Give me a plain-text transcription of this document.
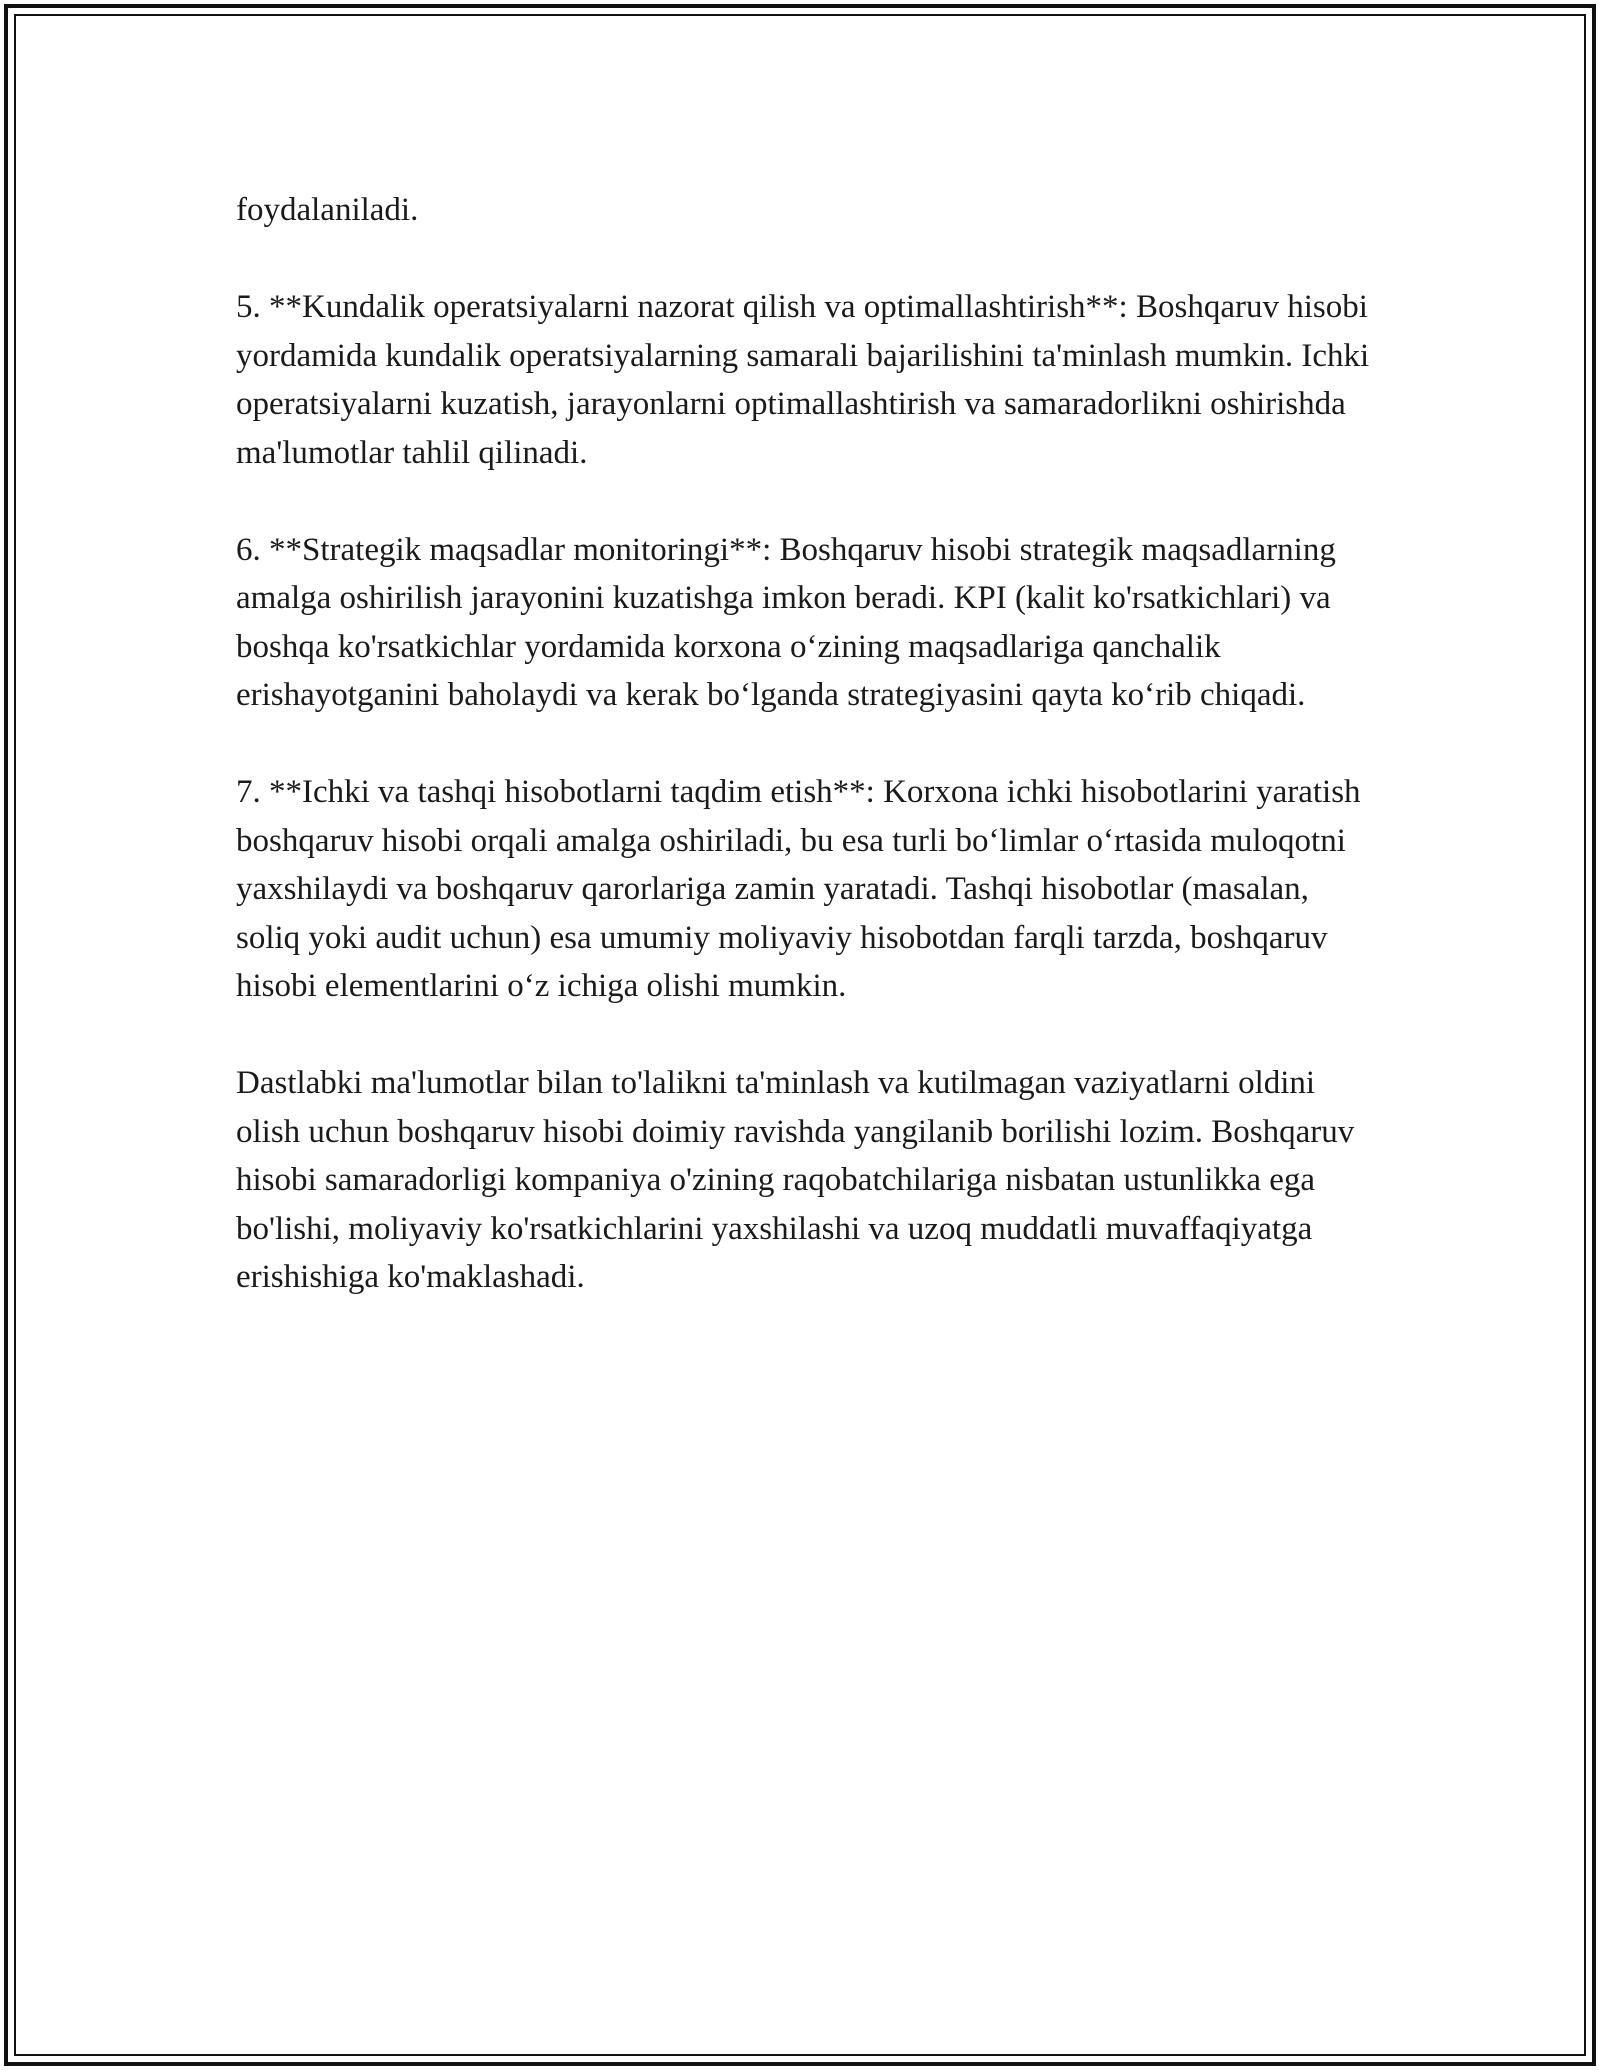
foydalaniladi.

5. **Kundalik operatsiyalarni nazorat qilish va optimallashtirish**: Boshqaruv hisobi yordamida kundalik operatsiyalarning samarali bajarilishini ta'minlash mumkin. Ichki operatsiyalarni kuzatish, jarayonlarni optimallashtirish va samaradorlikni oshirishda ma'lumotlar tahlil qilinadi.

6. **Strategik maqsadlar monitoringi**: Boshqaruv hisobi strategik maqsadlarning amalga oshirilish jarayonini kuzatishga imkon beradi. KPI (kalit ko'rsatkichlari) va boshqa ko'rsatkichlar yordamida korxona o‘zining maqsadlariga qanchalik erishayotganini baholaydi va kerak bo‘lganda strategiyasini qayta ko‘rib chiqadi.

7. **Ichki va tashqi hisobotlarni taqdim etish**: Korxona ichki hisobotlarini yaratish boshqaruv hisobi orqali amalga oshiriladi, bu esa turli bo‘limlar o‘rtasida muloqotni yaxshilaydi va boshqaruv qarorlariga zamin yaratadi. Tashqi hisobotlar (masalan, soliq yoki audit uchun) esa umumiy moliyaviy hisobotdan farqli tarzda, boshqaruv hisobi elementlarini o‘z ichiga olishi mumkin.

Dastlabki ma'lumotlar bilan to'lalikni ta'minlash va kutilmagan vaziyatlarni oldini olish uchun boshqaruv hisobi doimiy ravishda yangilanib borilishi lozim. Boshqaruv hisobi samaradorligi kompaniya o'zining raqobatchilariga nisbatan ustunlikka ega bo'lishi, moliyaviy ko'rsatkichlarini yaxshilashi va uzoq muddatli muvaffaqiyatga erishishiga ko'maklashadi.
